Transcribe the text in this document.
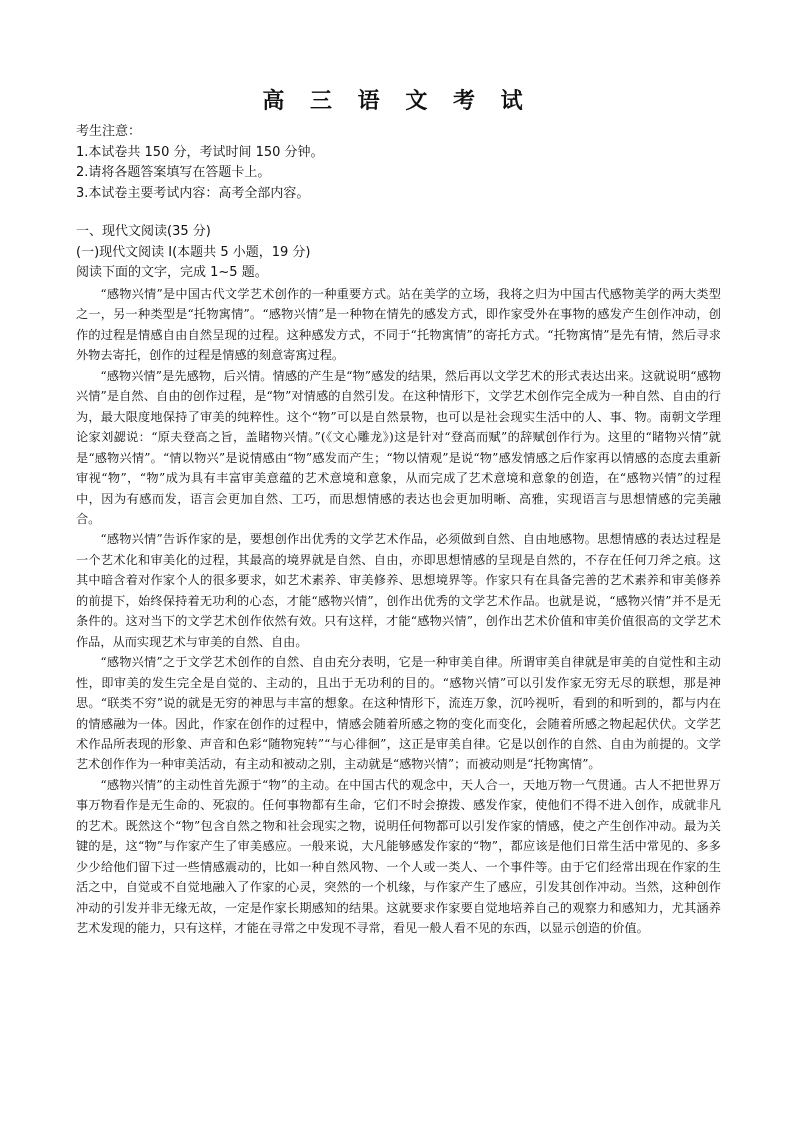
高 三 语 文 考 试
考生注意：
1.本试卷共 150 分，考试时间 150 分钟。
2.请将各题答案填写在答题卡上。
3.本试卷主要考试内容：高考全部内容。
一、现代文阅读(35 分)
(一)现代文阅读 I(本题共 5 小题，19 分)
阅读下面的文字，完成 1~5 题。

“感物兴情”是中国古代文学艺术创作的一种重要方式。站在美学的立场，我将之归为中国古代感物美学的两大类型之一，另一种类型是“托物寓情”。“感物兴情”是一种物在情先的感发方式，即作家受外在事物的感发产生创作冲动，创作的过程是情感自由自然呈现的过程。这种感发方式，不同于“托物寓情”的寄托方式。“托物寓情”是先有情，然后寻求外物去寄托，创作的过程是情感的刻意寄寓过程。

“感物兴情”是先感物，后兴情。情感的产生是“物”感发的结果，然后再以文学艺术的形式表达出来。这就说明“感物兴情”是自然、自由的创作过程，是“物”对情感的自然引发。在这种情形下，文学艺术创作完全成为一种自然、自由的行为，最大限度地保持了审美的纯粹性。这个“物”可以是自然景物，也可以是社会现实生活中的人、事、物。南朝文学理论家刘勰说：“原夫登高之旨，盖睹物兴情。”(《文心雕龙》)这是针对“登高而赋”的辞赋创作行为。这里的“睹物兴情”就是“感物兴情”。“情以物兴”是说情感由“物”感发而产生；“物以情观”是说“物”感发情感之后作家再以情感的态度去重新审视“物”，“物”成为具有丰富审美意蕴的艺术意境和意象，从而完成了艺术意境和意象的创造，在“感物兴情”的过程中，因为有感而发，语言会更加自然、工巧，而思想情感的表达也会更加明晰、高雅，实现语言与思想情感的完美融合。

“感物兴情”告诉作家的是，要想创作出优秀的文学艺术作品，必须做到自然、自由地感物。思想情感的表达过程是一个艺术化和审美化的过程，其最高的境界就是自然、自由，亦即思想情感的呈现是自然的，不存在任何刀斧之痕。这其中暗含着对作家个人的很多要求，如艺术素养、审美修养、思想境界等。作家只有在具备完善的艺术素养和审美修养的前提下，始终保持着无功利的心态，才能“感物兴情”，创作出优秀的文学艺术作品。也就是说，“感物兴情”并不是无条件的。这对当下的文学艺术创作依然有效。只有这样，才能“感物兴情”，创作出艺术价值和审美价值很高的文学艺术作品，从而实现艺术与审美的自然、自由。

“感物兴情”之于文学艺术创作的自然、自由充分表明，它是一种审美自律。所谓审美自律就是审美的自觉性和主动性，即审美的发生完全是自觉的、主动的，且出于无功利的目的。“感物兴情”可以引发作家无穷无尽的联想，那是神思。“联类不穷”说的就是无穷的神思与丰富的想象。在这种情形下，流连万象，沉吟视听，看到的和听到的，都与内在的情感融为一体。因此，作家在创作的过程中，情感会随着所感之物的变化而变化，会随着所感之物起起伏伏。文学艺术作品所表现的形象、声音和色彩“随物宛转”“与心徘徊”，这正是审美自律。它是以创作的自然、自由为前提的。文学艺术创作作为一种审美活动，有主动和被动之别，主动就是“感物兴情”；而被动则是“托物寓情”。

“感物兴情”的主动性首先源于“物”的主动。在中国古代的观念中，天人合一，天地万物一气贯通。古人不把世界万事万物看作是无生命的、死寂的。任何事物都有生命，它们不时会撩拨、感发作家，使他们不得不进入创作，成就非凡的艺术。既然这个“物”包含自然之物和社会现实之物，说明任何物都可以引发作家的情感，使之产生创作冲动。最为关键的是，这“物”与作家产生了审美感应。一般来说，大凡能够感发作家的“物”，都应该是他们日常生活中常见的、多多少少给他们留下过一些情感震动的，比如一种自然风物、一个人或一类人、一个事件等。由于它们经常出现在作家的生活之中，自觉或不自觉地融入了作家的心灵，突然的一个机缘，与作家产生了感应，引发其创作冲动。当然，这种创作冲动的引发并非无缘无故，一定是作家长期感知的结果。这就要求作家要自觉地培养自己的观察力和感知力，尤其涵养艺术发现的能力，只有这样，才能在寻常之中发现不寻常，看见一般人看不见的东西，以显示创造的价值。
